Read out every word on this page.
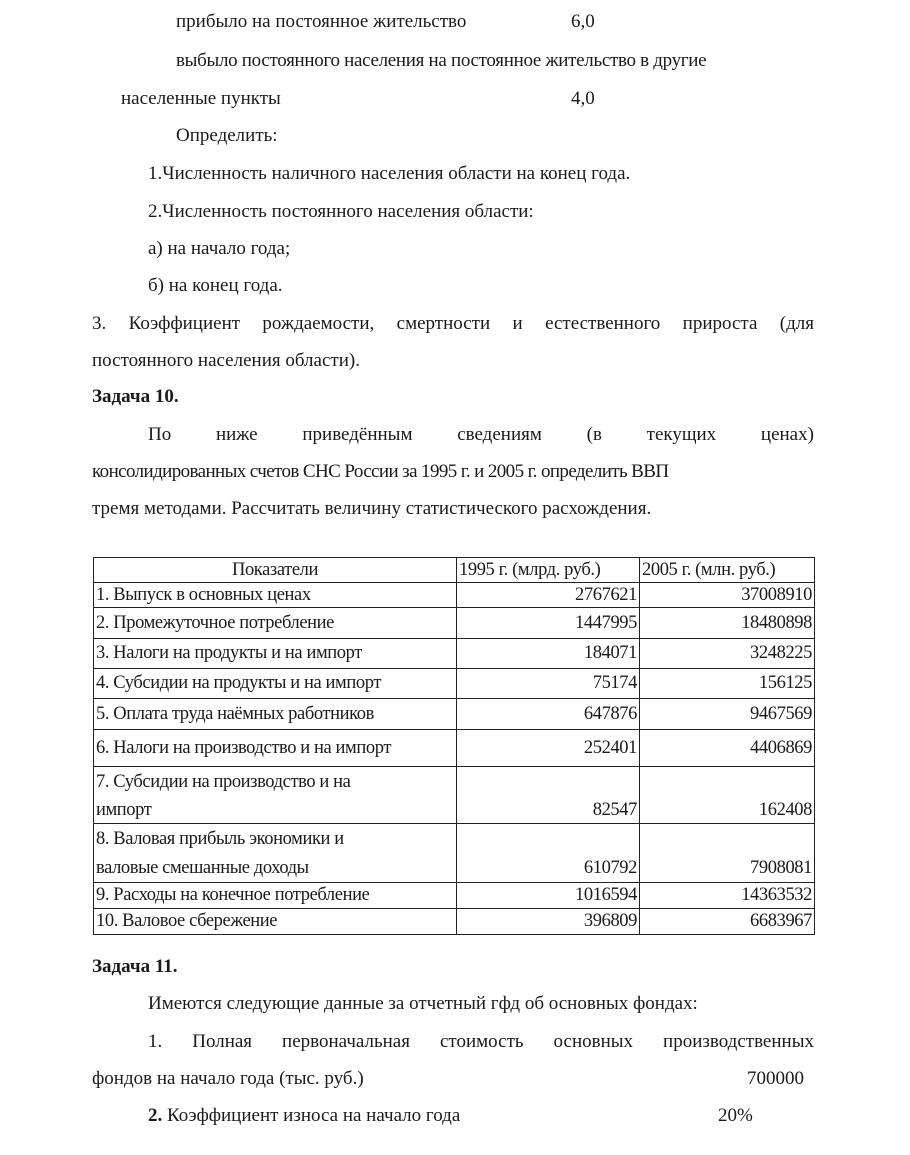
прибыло на постоянное жительство	6,0
выбыло постоянного населения на постоянное жительство в другие
населенные пункты	4,0
Определить:
1.Численность наличного населения области на конец года.
2.Численность постоянного населения области:
а) на начало года;
б) на конец года.
3. Коэффициент рождаемости, смертности и естественного прироста (для
постоянного населения области).
Задача 10.
По ниже приведённым сведениям (в текущих ценах)
консолидированных счетов СНС России за 1995 г. и 2005 г. определить ВВП
тремя методами. Рассчитать величину статистического расхождения.
Показатели	1995 г. (млрд. руб.)	2005 г. (млн. руб.)
1. Выпуск в основных ценах	2767621	37008910
2. Промежуточное потребление	1447995	18480898
3. Налоги на продукты и на импорт	184071	3248225
4. Субсидии на продукты и на импорт	75174	156125
5. Оплата труда наёмных работников	647876	9467569
6. Налоги на производство и на импорт	252401	4406869

7. Субсидии на производство и на
импорт	82547	162408

8. Валовая прибыль экономики и
валовые смешанные доходы	610792	7908081
9. Расходы на конечное потребление	1016594	14363532
10. Валовое сбережение	396809	6683967
Задача 11.
Имеются следующие данные за отчетный гфд об основных фондах:
1. Полная первоначальная стоимость основных производственных
фондов на начало года (тыс. руб.)	700000
2. Коэффициент износа на начало года	20%
